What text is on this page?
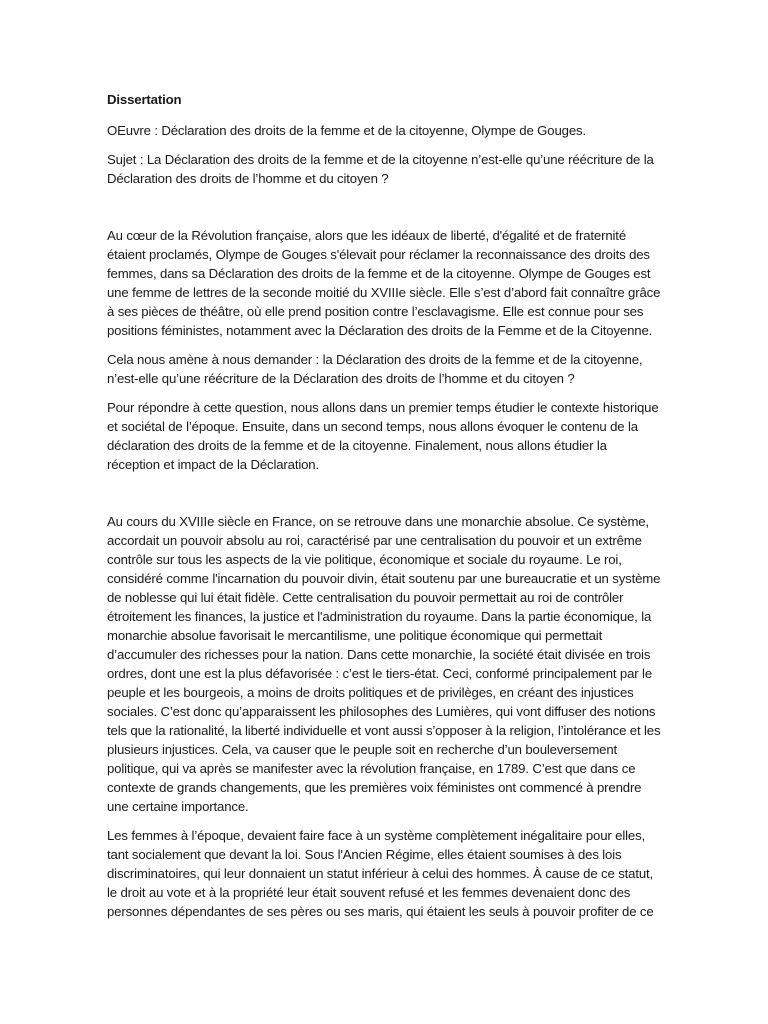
Dissertation

OEuvre : Déclaration des droits de la femme et de la citoyenne, Olympe de Gouges.

Sujet : La Déclaration des droits de la femme et de la citoyenne n’est-elle qu’une réécriture de la Déclaration des droits de l’homme et du citoyen ?

Au cœur de la Révolution française, alors que les idéaux de liberté, d'égalité et de fraternité étaient proclamés, Olympe de Gouges s'élevait pour réclamer la reconnaissance des droits des femmes, dans sa Déclaration des droits de la femme et de la citoyenne. Olympe de Gouges est une femme de lettres de la seconde moitié du XVIIIe siècle. Elle s’est d’abord fait connaître grâce à ses pièces de théâtre, où elle prend position contre l’esclavagisme. Elle est connue pour ses positions féministes, notamment avec la Déclaration des droits de la Femme et de la Citoyenne.

Cela nous amène à nous demander : la Déclaration des droits de la femme et de la citoyenne, n’est-elle qu’une réécriture de la Déclaration des droits de l’homme et du citoyen ?

Pour répondre à cette question, nous allons dans un premier temps étudier le contexte historique et sociétal de l’époque. Ensuite, dans un second temps, nous allons évoquer le contenu de la déclaration des droits de la femme et de la citoyenne. Finalement, nous allons étudier la réception et impact de la Déclaration.

Au cours du XVIIIe siècle en France, on se retrouve dans une monarchie absolue. Ce système, accordait un pouvoir absolu au roi, caractérisé par une centralisation du pouvoir et un extrême contrôle sur tous les aspects de la vie politique, économique et sociale du royaume. Le roi, considéré comme l'incarnation du pouvoir divin, était soutenu par une bureaucratie et un système de noblesse qui lui était fidèle. Cette centralisation du pouvoir permettait au roi de contrôler étroitement les finances, la justice et l'administration du royaume. Dans la partie économique, la monarchie absolue favorisait le mercantilisme, une politique économique qui permettait d’accumuler des richesses pour la nation. Dans cette monarchie, la société était divisée en trois ordres, dont une est la plus défavorisée : c’est le tiers-état. Ceci, conformé principalement par le peuple et les bourgeois, a moins de droits politiques et de privilèges, en créant des injustices sociales. C’est donc qu’apparaissent les philosophes des Lumières, qui vont diffuser des notions tels que la rationalité, la liberté individuelle et vont aussi s’opposer à la religion, l’intolérance et les plusieurs injustices. Cela, va causer que le peuple soit en recherche d’un bouleversement politique, qui va après se manifester avec la révolution française, en 1789. C’est que dans ce contexte de grands changements, que les premières voix féministes ont commencé à prendre une certaine importance.

Les femmes à l’époque, devaient faire face à un système complètement inégalitaire pour elles, tant socialement que devant la loi. Sous l'Ancien Régime, elles étaient soumises à des lois discriminatoires, qui leur donnaient un statut inférieur à celui des hommes. À cause de ce statut, le droit au vote et à la propriété leur était souvent refusé et les femmes devenaient donc des personnes dépendantes de ses pères ou ses maris, qui étaient les seuls à pouvoir profiter de ce
